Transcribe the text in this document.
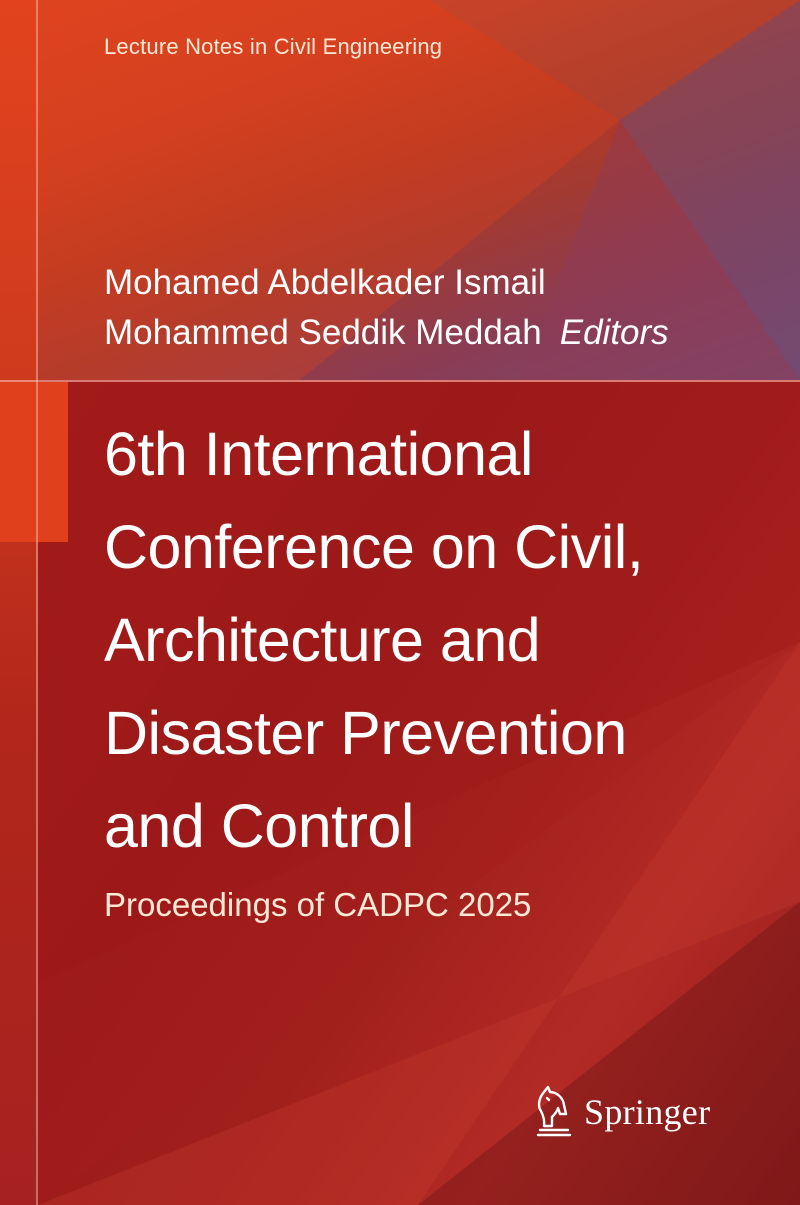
Lecture Notes in Civil Engineering
Mohamed Abdelkader Ismail
Mohammed Seddik Meddah Editors
6th International
Conference on Civil,
Architecture and
Disaster Prevention
and Control
Proceedings of CADPC 2025
Springer
